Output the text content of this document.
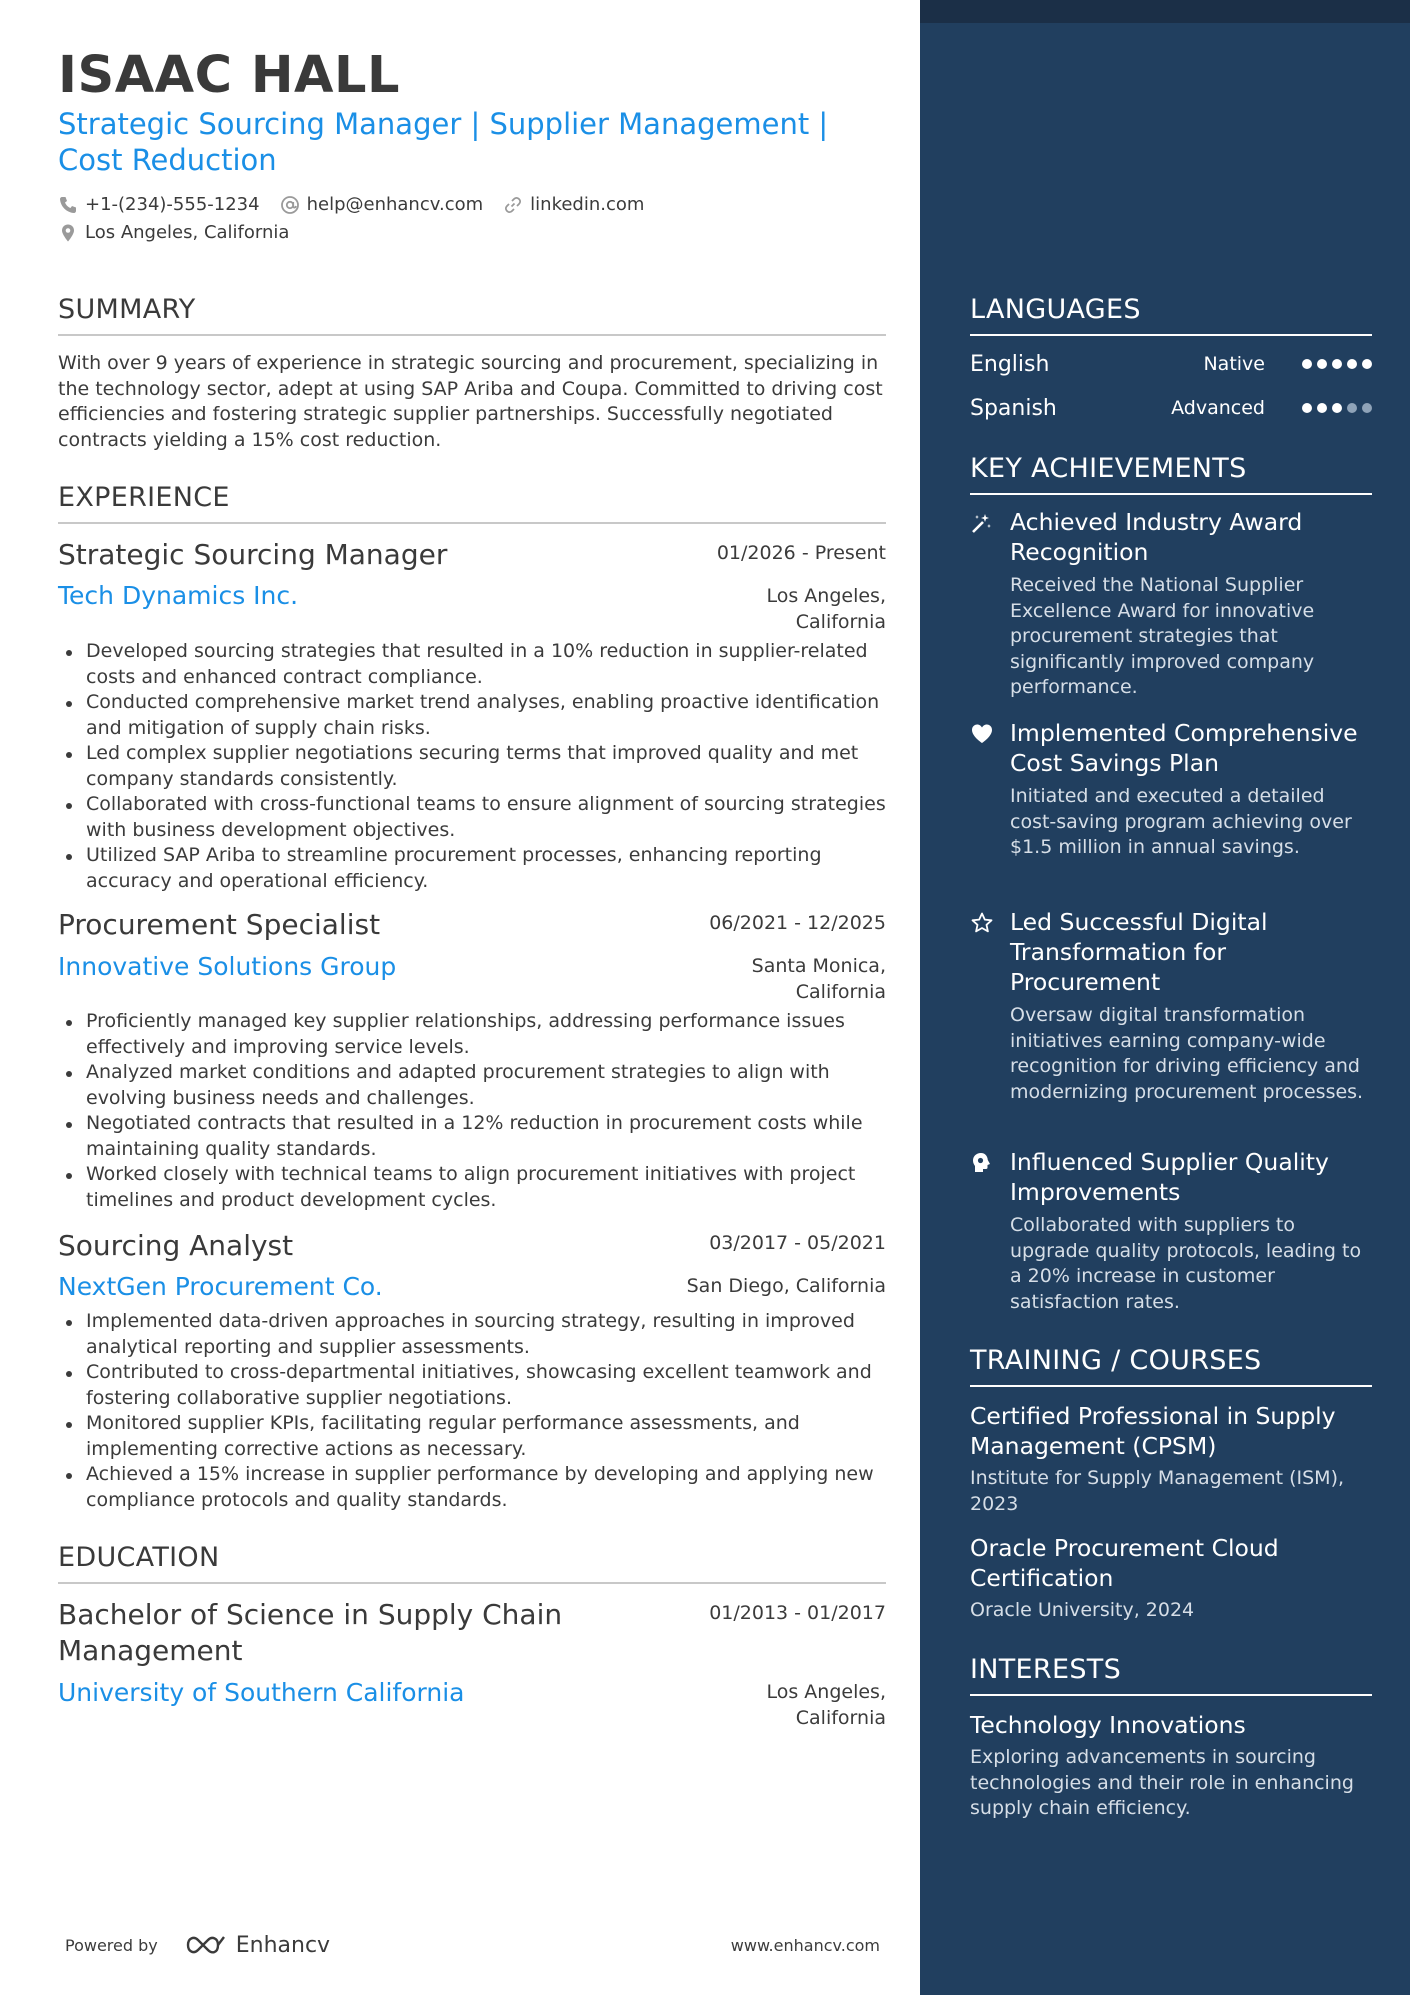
ISAAC HALL
Strategic Sourcing Manager | Supplier Management |
Cost Reduction
+1-(234)-555-1234	help@enhancv.com	linkedin.com
Los Angeles, California
SUMMARY
With over 9 years of experience in strategic sourcing and procurement, specializing in the technology sector, adept at using SAP Ariba and Coupa. Committed to driving cost efficiencies and fostering strategic supplier partnerships. Successfully negotiated contracts yielding a 15% cost reduction.
EXPERIENCE
Strategic Sourcing Manager	01/2026 - Present
Tech Dynamics Inc.	Los Angeles,
California
Developed sourcing strategies that resulted in a 10% reduction in supplier-related costs and enhanced contract compliance.
Conducted comprehensive market trend analyses, enabling proactive identification and mitigation of supply chain risks.
Led complex supplier negotiations securing terms that improved quality and met company standards consistently.
Collaborated with cross-functional teams to ensure alignment of sourcing strategies with business development objectives.
Utilized SAP Ariba to streamline procurement processes, enhancing reporting accuracy and operational efficiency.
Procurement Specialist	06/2021 - 12/2025
Innovative Solutions Group	Santa Monica,
California
Proficiently managed key supplier relationships, addressing performance issues effectively and improving service levels.
Analyzed market conditions and adapted procurement strategies to align with evolving business needs and challenges.
Negotiated contracts that resulted in a 12% reduction in procurement costs while maintaining quality standards.
Worked closely with technical teams to align procurement initiatives with project timelines and product development cycles.
Sourcing Analyst	03/2017 - 05/2021
NextGen Procurement Co.	San Diego, California
Implemented data-driven approaches in sourcing strategy, resulting in improved analytical reporting and supplier assessments.
Contributed to cross-departmental initiatives, showcasing excellent teamwork and fostering collaborative supplier negotiations.
Monitored supplier KPIs, facilitating regular performance assessments, and implementing corrective actions as necessary.
Achieved a 15% increase in supplier performance by developing and applying new compliance protocols and quality standards.
EDUCATION
Bachelor of Science in Supply Chain
Management
01/2013 - 01/2017
University of Southern California	Los Angeles,
California
Powered by	Enhancv	www.enhancv.com
LANGUAGES
English	Native
Spanish	Advanced
KEY ACHIEVEMENTS
Achieved Industry Award Recognition
Received the National Supplier Excellence Award for innovative procurement strategies that significantly improved company performance.
Implemented Comprehensive Cost Savings Plan
Initiated and executed a detailed cost-saving program achieving over $1.5 million in annual savings.
Led Successful Digital Transformation for Procurement
Oversaw digital transformation initiatives earning company-wide recognition for driving efficiency and modernizing procurement processes.
Influenced Supplier Quality Improvements
Collaborated with suppliers to upgrade quality protocols, leading to a 20% increase in customer satisfaction rates.
TRAINING / COURSES
Certified Professional in Supply Management (CPSM)
Institute for Supply Management (ISM), 2023
Oracle Procurement Cloud Certification
Oracle University, 2024
INTERESTS
Technology Innovations
Exploring advancements in sourcing technologies and their role in enhancing supply chain efficiency.
